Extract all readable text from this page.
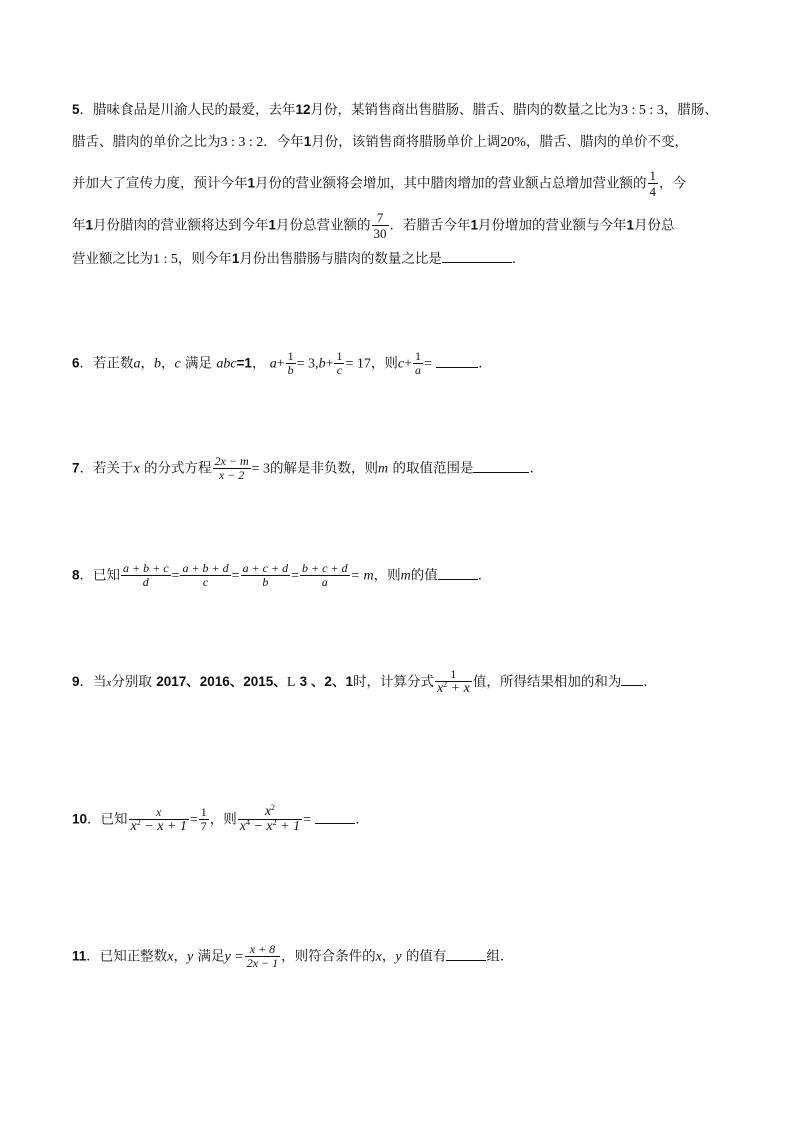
5．腊味食品是川渝人民的最爱，去年12月份，某销售商出售腊肠、腊舌、腊肉的数量之比为3 : 5 : 3，腊肠、
腊舌、腊肉的单价之比为3 : 3 : 2．今年1月份，该销售商将腊肠单价上调20%，腊舌、腊肉的单价不变，
并加大了宣传力度，预计今年1月份的营业额将会增加，其中腊肉增加的营业额占总增加营业额的 $\frac{1}{4}$ ，今
年1月份腊肉的营业额将达到今年1月份总营业额的 $\frac{7}{30}$ ．若腊舌今年1月份增加的营业额与今年1月份总
营业额之比为1 : 5，则今年1月份出售腊肠与腊肉的数量之比是	．
6．若正数a，b，c 满足 abc=1， $a+ \frac{1}{b} = 3,b+ \frac{1}{c} = 17$，则$c+ \frac{1}{a}$ =	．
7．若关于x 的分式方程 $\frac{2x - m}{x - 2} = 3$的解是非负数，则m 的取值范围是	．
8．已知 $\frac{a + b + c}{d} = \frac{a + b + d}{c} = \frac{a + c + d}{b} = \frac{b + c + d}{a} = m$，则m的值	．
9．当x分别取 2017、2016、2015、L 3 、2、1时，计算分式 $\frac{1}{x^2 + x}$ 值，所得结果相加的和为 ．
10．已知 $\frac{x}{x^2 - x + 1} = \frac{1}{7}$ ，则 $\frac{x^2}{x^4 - x^2 + 1}$ =	．
11．已知正整数x，y 满足$y = \frac{x + 8}{2x - 1}$ ，则符合条件的x，y 的值有	组．
